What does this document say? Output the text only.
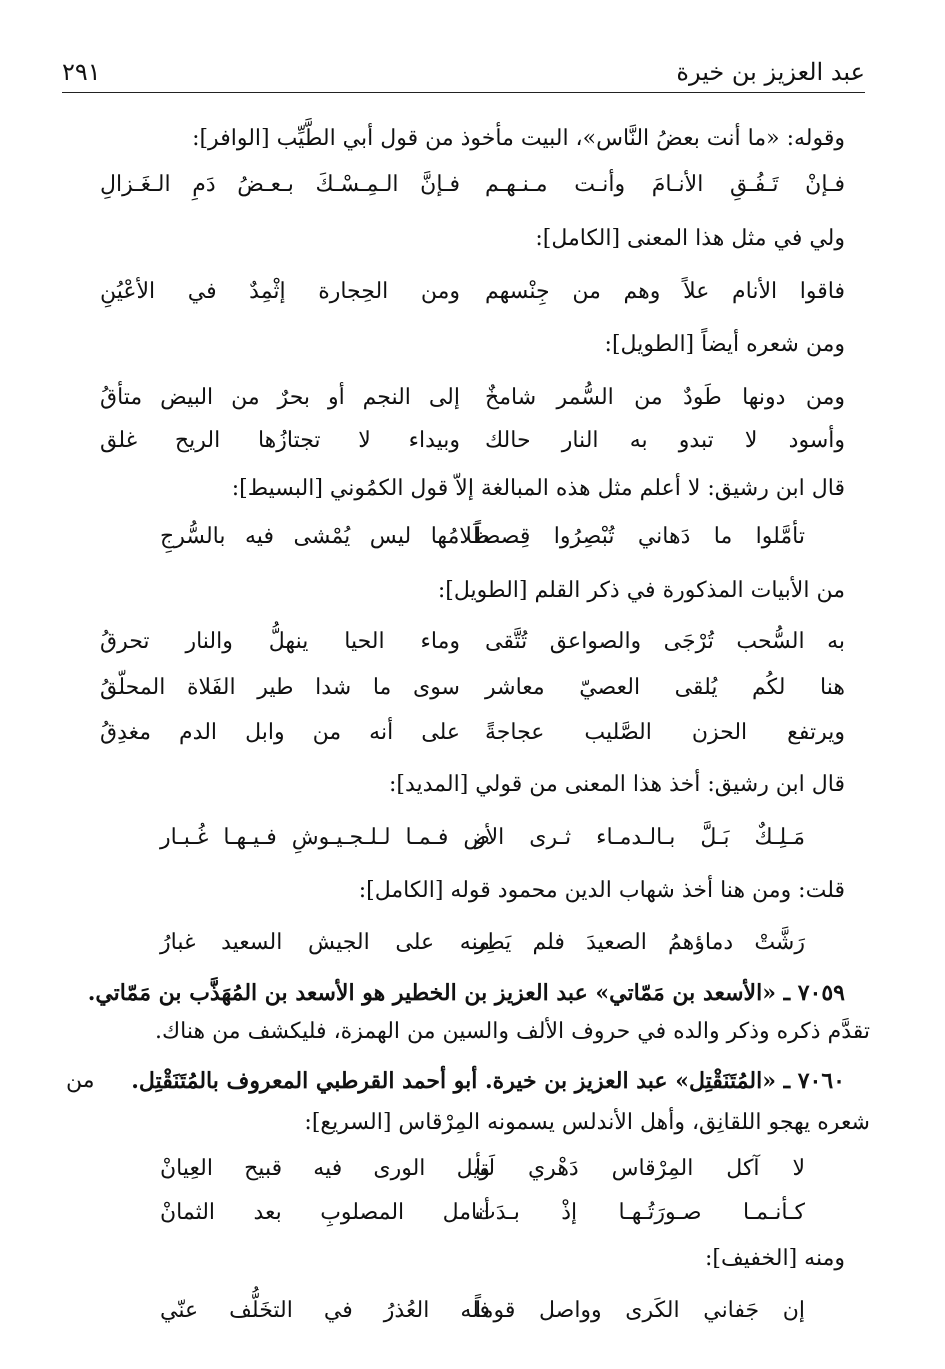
عبد العزيز بن خيرة
٢٩١
وقوله: «ما أنت بعضُ النَّاس»، البيت مأخوذ من قول أبي الطَّيِّب [الوافر]:
فـإنْ تَـفُـقِ الأنـامَ وأنـت مـنـهـم
فـإنَّ الـمِـسْـكَ بـعـضُ دَمِ الـغَـزالِ
ولي في مثل هذا المعنى [الكامل]:
فاقوا الأنام علاً وهم من جِنْسهم
ومن الحِجارة إثْمِدٌ في الأعْيُنِ
ومن شعره أيضاً [الطويل]:
ومن دونها طَودٌ من السُّمر شامخٌ
إلى النجم أو بحرٌ من البيض متأقُ
وأسود لا تبدو به النار حالك
وبيداء لا تجتازُها الريح غلق
قال ابن رشيق: لا أعلم مثل هذه المبالغة إلاّ قول الكمُوني [البسيط]:
تأمَّلوا ما دَهاني تُبْصِرُوا قِصصاً
ظَلامُها ليس يُمْشى فيه بالسُّرجِ
من الأبيات المذكورة في ذكر القلم [الطويل]:
به السُّحب تُرْجَى والصواعق تُتَّقى
وماء الحيا ينهلُّ والنار تحرقُ
هنا لكُم يُلقى العصيّ معاشر
سوى ما شدا طير الفَلاة المحلّقُ
ويرتفع الحزن الصَّليب عجاجةً
على أنه من وابل الدم مغدِقُ
قال ابن رشيق: أخذ هذا المعنى من قولي [المديد]:
مَـلِـكٌ بَـلَّ بـالـدمـاء ثـرى الأر
ض فـمـا لـلـجـيـوشِ فـيـهـا غُـبـار
قلت: ومن هنا أخذ شهاب الدين محمود قوله [الكامل]:
رَشَّتْ دماؤهمُ الصعيدَ فلم يَطِر
منه على الجيش السعيد غبارُ
٧٠٥٩ ـ «الأسعد بن مَمّاتي» عبد العزيز بن الخطير هو الأسعد بن المُهَذَّب بن مَمّاتي.
تقدَّم ذكره وذكر والده في حروف الألف والسين من الهمزة، فليكشف من هناك.
٧٠٦٠ ـ «المُتَنَقْتِل» عبد العزيز بن خيرة. أبو أحمد القرطبي المعروف بالمُتَنَقْتِل.
من
شعره يهجو اللقانِق، وأهل الأندلس يسمونه المِرْقاس [السريع]:
لا آكل المِرْقاس دَهْري لَتأ
ويل الورى فيه قبيح العِيانْ
كـأنـمـا صـورَتُـهـا إذْ بـدَت
أنامل المصلوبِ بعد الثمانْ
ومنه [الخفيف]:
إن جَفاني الكَرى وواصل قوماً
فله العُذرُ في التخَلُّف عنّي
